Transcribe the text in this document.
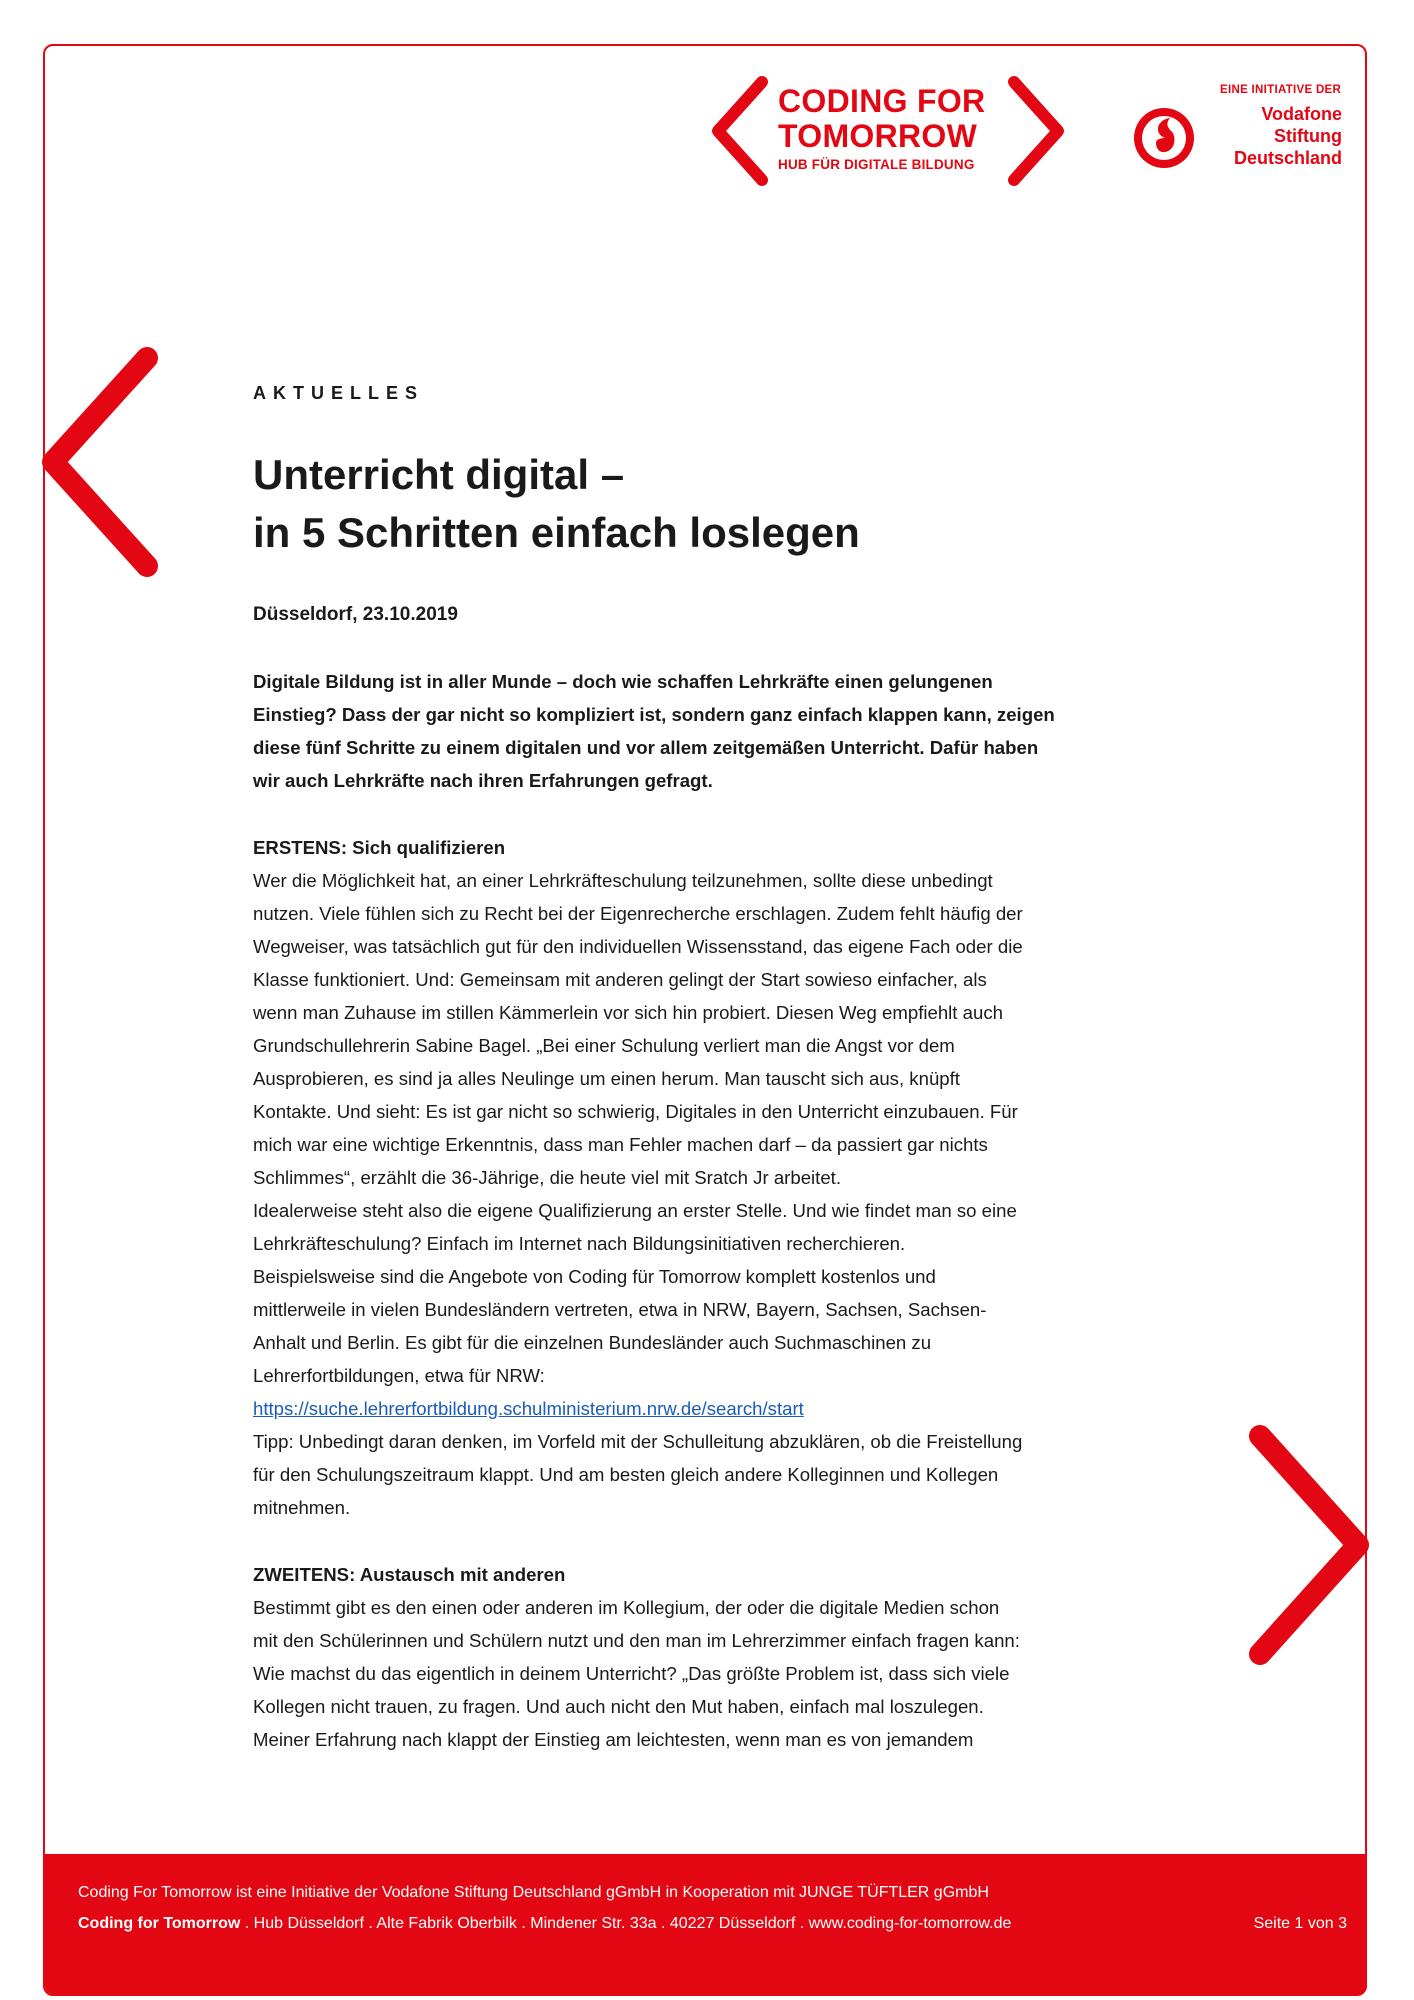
CODING FOR
TOMORROW
HUB FÜR DIGITALE BILDUNG
EINE INITIATIVE DER
Vodafone
Stiftung
Deutschland
AKTUELLES
Unterricht digital –
in 5 Schritten einfach loslegen
Düsseldorf, 23.10.2019
Digitale Bildung ist in aller Munde – doch wie schaffen Lehrkräfte einen gelungenen
Einstieg? Dass der gar nicht so kompliziert ist, sondern ganz einfach klappen kann, zeigen
diese fünf Schritte zu einem digitalen und vor allem zeitgemäßen Unterricht. Dafür haben
wir auch Lehrkräfte nach ihren Erfahrungen gefragt.
ERSTENS: Sich qualifizieren
Wer die Möglichkeit hat, an einer Lehrkräfteschulung teilzunehmen, sollte diese unbedingt
nutzen. Viele fühlen sich zu Recht bei der Eigenrecherche erschlagen. Zudem fehlt häufig der
Wegweiser, was tatsächlich gut für den individuellen Wissensstand, das eigene Fach oder die
Klasse funktioniert. Und: Gemeinsam mit anderen gelingt der Start sowieso einfacher, als
wenn man Zuhause im stillen Kämmerlein vor sich hin probiert. Diesen Weg empfiehlt auch
Grundschullehrerin Sabine Bagel. „Bei einer Schulung verliert man die Angst vor dem
Ausprobieren, es sind ja alles Neulinge um einen herum. Man tauscht sich aus, knüpft
Kontakte. Und sieht: Es ist gar nicht so schwierig, Digitales in den Unterricht einzubauen. Für
mich war eine wichtige Erkenntnis, dass man Fehler machen darf – da passiert gar nichts
Schlimmes“, erzählt die 36-Jährige, die heute viel mit Sratch Jr arbeitet.
Idealerweise steht also die eigene Qualifizierung an erster Stelle. Und wie findet man so eine
Lehrkräfteschulung? Einfach im Internet nach Bildungsinitiativen recherchieren.
Beispielsweise sind die Angebote von Coding für Tomorrow komplett kostenlos und
mittlerweile in vielen Bundesländern vertreten, etwa in NRW, Bayern, Sachsen, Sachsen-
Anhalt und Berlin. Es gibt für die einzelnen Bundesländer auch Suchmaschinen zu
Lehrerfortbildungen, etwa für NRW:
https://suche.lehrerfortbildung.schulministerium.nrw.de/search/start
Tipp: Unbedingt daran denken, im Vorfeld mit der Schulleitung abzuklären, ob die Freistellung
für den Schulungszeitraum klappt. Und am besten gleich andere Kolleginnen und Kollegen
mitnehmen.
ZWEITENS: Austausch mit anderen
Bestimmt gibt es den einen oder anderen im Kollegium, der oder die digitale Medien schon
mit den Schülerinnen und Schülern nutzt und den man im Lehrerzimmer einfach fragen kann:
Wie machst du das eigentlich in deinem Unterricht? „Das größte Problem ist, dass sich viele
Kollegen nicht trauen, zu fragen. Und auch nicht den Mut haben, einfach mal loszulegen.
Meiner Erfahrung nach klappt der Einstieg am leichtesten, wenn man es von jemandem
Coding For Tomorrow ist eine Initiative der Vodafone Stiftung Deutschland gGmbH in Kooperation mit JUNGE TÜFTLER gGmbH
Coding for Tomorrow . Hub Düsseldorf . Alte Fabrik Oberbilk . Mindener Str. 33a . 40227 Düsseldorf . www.coding-for-tomorrow.de	Seite 1 von 3
